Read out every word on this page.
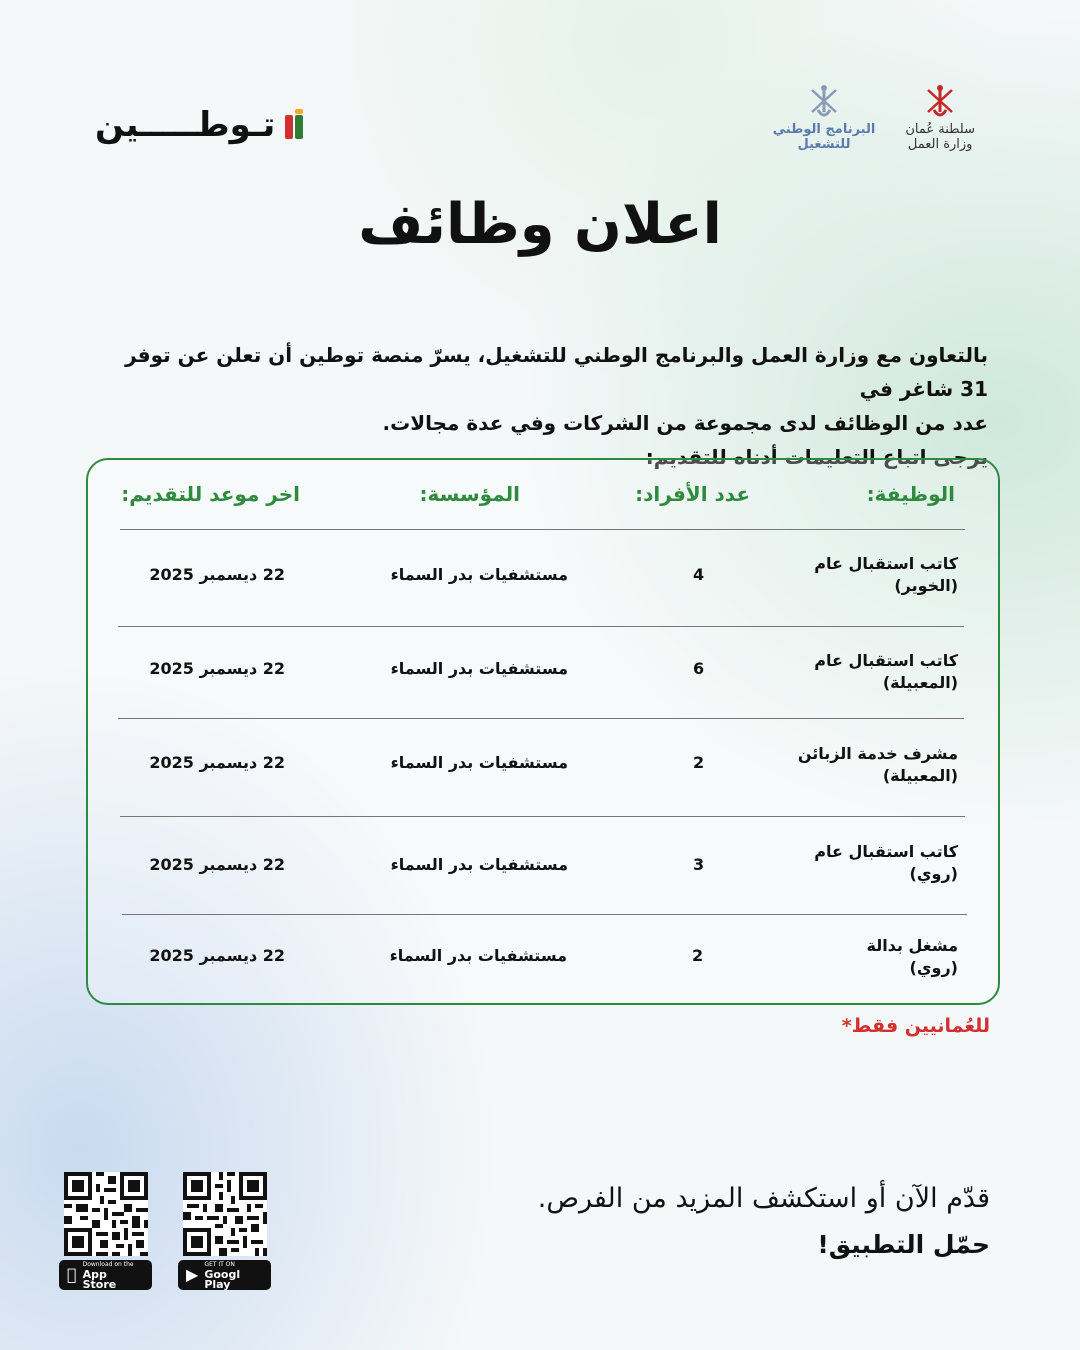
تـوطـــــين	البرنامج الوطني
للتشغيل
سلطنة عُمان
وزارة العمل
اعلان وظائف
بالتعاون مع وزارة العمل والبرنامج الوطني للتشغيل، يسرّ منصة توطين أن تعلن عن توفر 31 شاغر في
عدد من الوظائف لدى مجموعة من الشركات وفي عدة مجالات.
يرجى اتباع التعليمات أدناه للتقديم:
الوظيفة:
عدد الأفراد:
المؤسسة:
اخر موعد للتقديم:
كاتب استقبال عام
(الخوير)
4
مستشفيات بدر السماء
22 ديسمبر 2025
كاتب استقبال عام
(المعبيلة)
6
مستشفيات بدر السماء
22 ديسمبر 2025
مشرف خدمة الزبائن
(المعبيلة)
2
مستشفيات بدر السماء
22 ديسمبر 2025
كاتب استقبال عام
(روي)
3
مستشفيات بدر السماء
22 ديسمبر 2025
مشغل بدالة
(روي)
2
مستشفيات بدر السماء
22 ديسمبر 2025
للعُمانيين فقط*
قدّم الآن أو استكشف المزيد من الفرص.
حمّل التطبيق!
Download on the
App Store	▶
GET IT ON
Googl Play
